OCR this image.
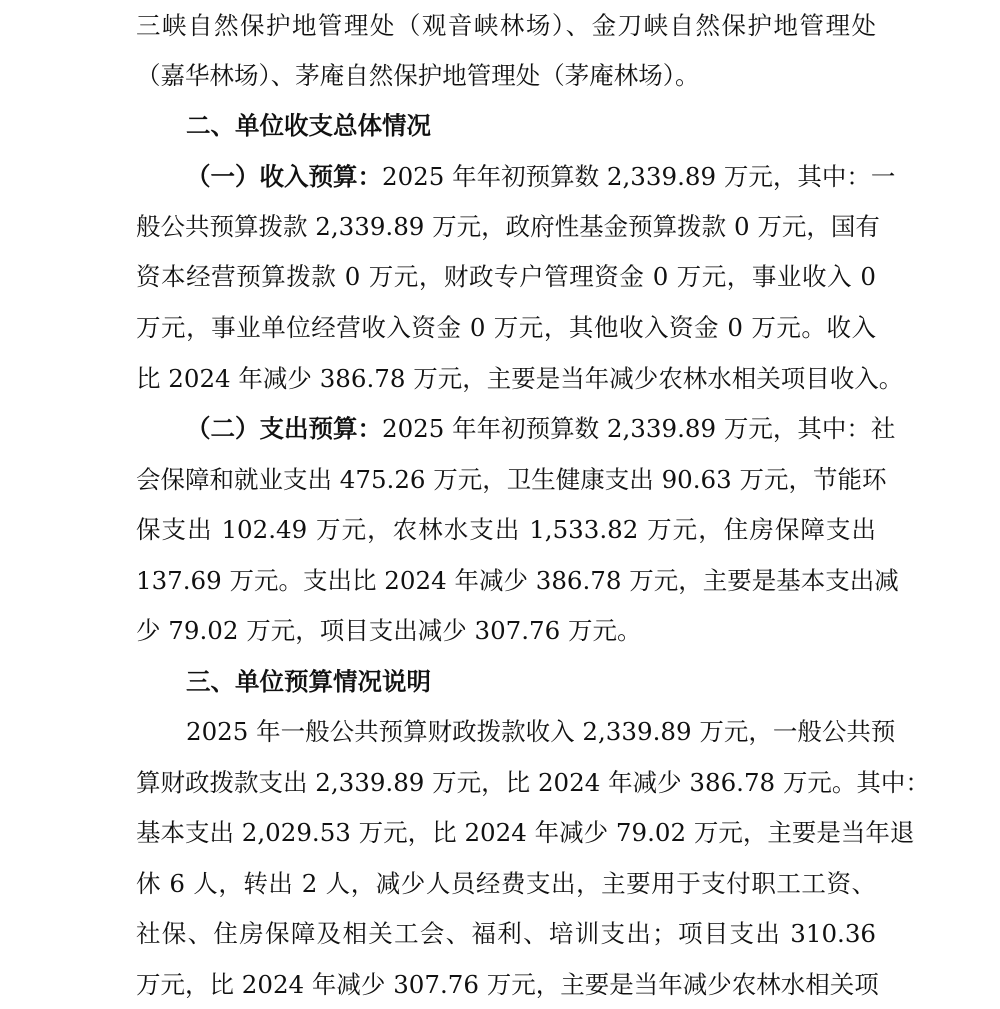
三峡自然保护地管理处（观音峡林场）、金刀峡自然保护地管理处
（嘉华林场）、茅庵自然保护地管理处（茅庵林场）。
二、单位收支总体情况
（一）收入预算：2025 年年初预算数 2,339.89 万元，其中：一
般公共预算拨款 2,339.89 万元，政府性基金预算拨款 0 万元，国有
资本经营预算拨款 0 万元，财政专户管理资金 0 万元，事业收入 0
万元，事业单位经营收入资金 0 万元，其他收入资金 0 万元。收入
比 2024 年减少 386.78 万元，主要是当年减少农林水相关项目收入。
（二）支出预算：2025 年年初预算数 2,339.89 万元，其中：社
会保障和就业支出 475.26 万元，卫生健康支出 90.63 万元，节能环
保支出 102.49 万元，农林水支出 1,533.82 万元，住房保障支出
137.69 万元。支出比 2024 年减少 386.78 万元，主要是基本支出减
少 79.02 万元，项目支出减少 307.76 万元。
三、单位预算情况说明
2025 年一般公共预算财政拨款收入 2,339.89 万元，一般公共预
算财政拨款支出 2,339.89 万元，比 2024 年减少 386.78 万元。其中：
基本支出 2,029.53 万元，比 2024 年减少 79.02 万元，主要是当年退
休 6 人，转出 2 人，减少人员经费支出，主要用于支付职工工资、
社保、住房保障及相关工会、福利、培训支出；项目支出 310.36
万元，比 2024 年减少 307.76 万元，主要是当年减少农林水相关项
